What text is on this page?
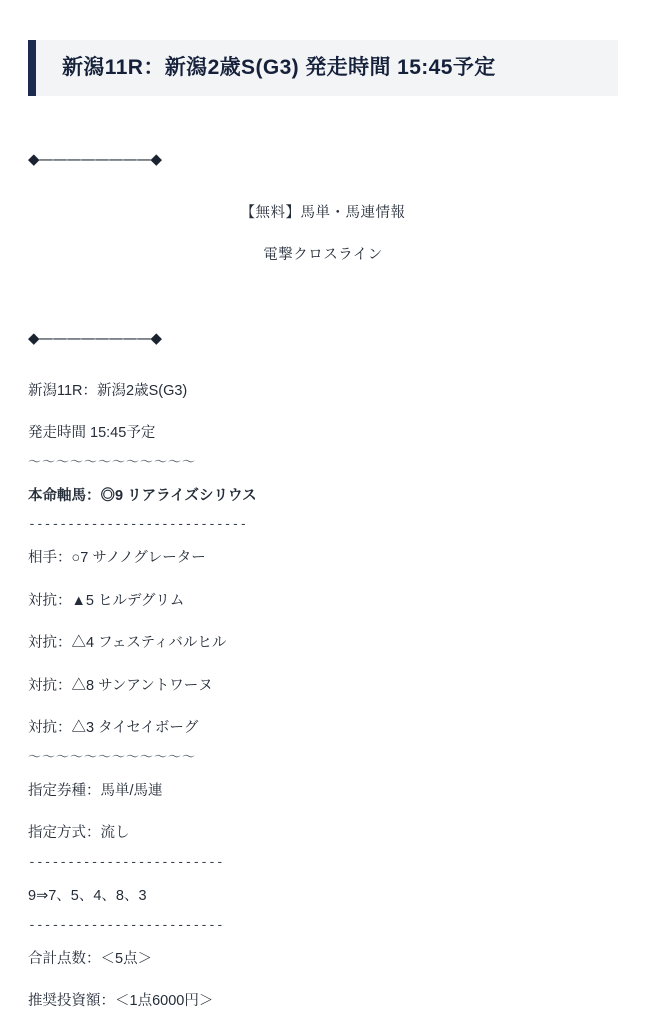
新潟11R：新潟2歳S(G3) 発走時間 15:45予定
◆————————◆
【無料】馬単・馬連情報
電撃クロスライン
◆————————◆
新潟11R：新潟2歳S(G3)
発走時間 15:45予定
〜〜〜〜〜〜〜〜〜〜〜〜
本命軸馬：◎9 リアライズシリウス
----------------------------
相手：○7 サノノグレーター
対抗：▲5 ヒルデグリム
対抗：△4 フェスティバルヒル
対抗：△8 サンアントワーヌ
対抗：△3 タイセイボーグ
〜〜〜〜〜〜〜〜〜〜〜〜
指定券種：馬単/馬連
指定方式：流し
-------------------------
9⇒7、5、4、8、3
-------------------------
合計点数：＜5点＞
推奨投資額：＜1点6000円＞
